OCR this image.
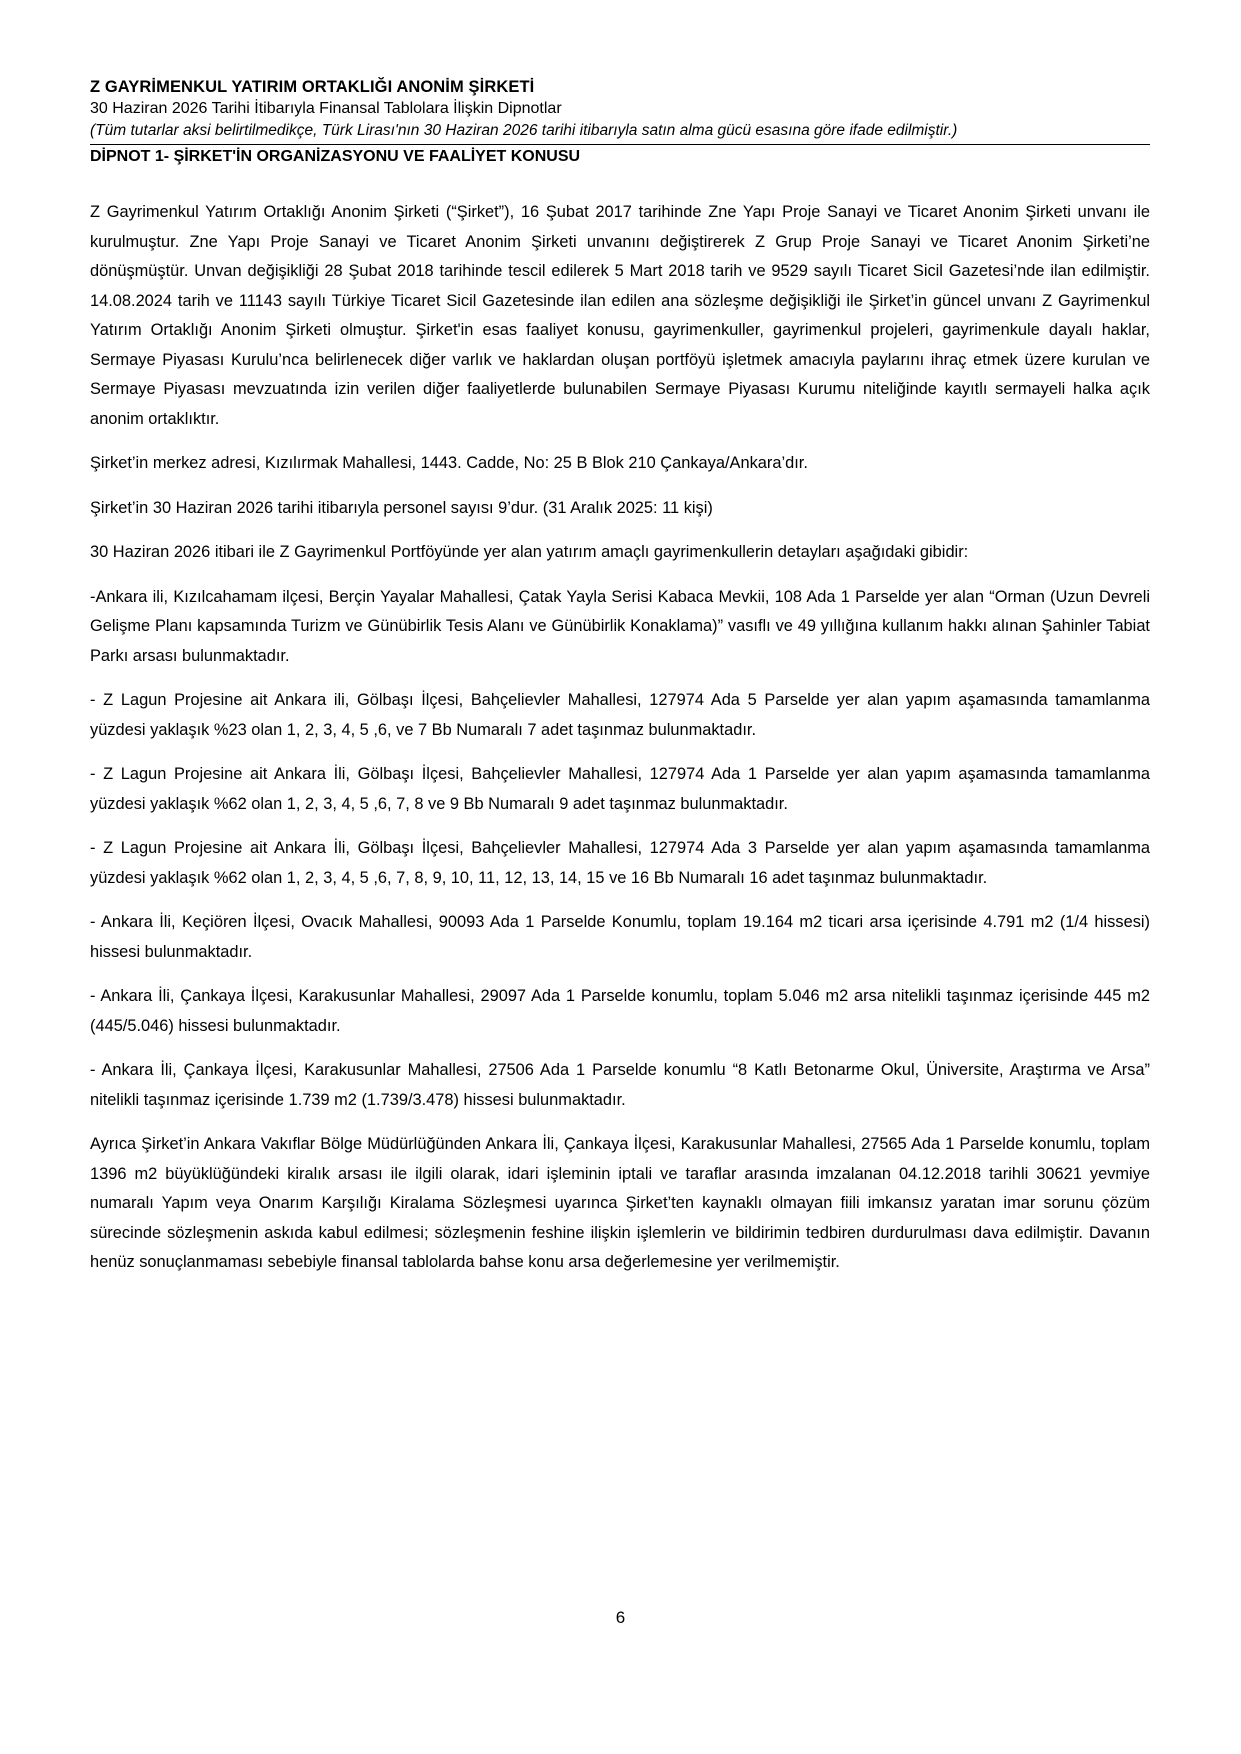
Z GAYRİMENKUL YATIRIM ORTAKLIĞI ANONİM ŞİRKETİ
30 Haziran 2026 Tarihi İtibarıyla Finansal Tablolara İlişkin Dipnotlar
(Tüm tutarlar aksi belirtilmedikçe, Türk Lirası'nın 30 Haziran 2026 tarihi itibarıyla satın alma gücü esasına göre ifade edilmiştir.)
DİPNOT 1- ŞİRKET'İN ORGANİZASYONU VE FAALİYET KONUSU

Z Gayrimenkul Yatırım Ortaklığı Anonim Şirketi (“Şirket”), 16 Şubat 2017 tarihinde Zne Yapı Proje Sanayi ve Ticaret Anonim Şirketi unvanı ile kurulmuştur. Zne Yapı Proje Sanayi ve Ticaret Anonim Şirketi unvanını değiştirerek Z Grup Proje Sanayi ve Ticaret Anonim Şirketi’ne dönüşmüştür. Unvan değişikliği 28 Şubat 2018 tarihinde tescil edilerek 5 Mart 2018 tarih ve 9529 sayılı Ticaret Sicil Gazetesi’nde ilan edilmiştir. 14.08.2024 tarih ve 11143 sayılı Türkiye Ticaret Sicil Gazetesinde ilan edilen ana sözleşme değişikliği ile Şirket’in güncel unvanı Z Gayrimenkul Yatırım Ortaklığı Anonim Şirketi olmuştur. Şirket'in esas faaliyet konusu, gayrimenkuller, gayrimenkul projeleri, gayrimenkule dayalı haklar, Sermaye Piyasası Kurulu’nca belirlenecek diğer varlık ve haklardan oluşan portföyü işletmek amacıyla paylarını ihraç etmek üzere kurulan ve Sermaye Piyasası mevzuatında izin verilen diğer faaliyetlerde bulunabilen Sermaye Piyasası Kurumu niteliğinde kayıtlı sermayeli halka açık anonim ortaklıktır.

Şirket’in merkez adresi, Kızılırmak Mahallesi, 1443. Cadde, No: 25 B Blok 210 Çankaya/Ankara’dır.

Şirket’in 30 Haziran 2026 tarihi itibarıyla personel sayısı 9’dur. (31 Aralık 2025: 11 kişi)

30 Haziran 2026 itibari ile Z Gayrimenkul Portföyünde yer alan yatırım amaçlı gayrimenkullerin detayları aşağıdaki gibidir:

-Ankara ili, Kızılcahamam ilçesi, Berçin Yayalar Mahallesi, Çatak Yayla Serisi Kabaca Mevkii, 108 Ada 1 Parselde yer alan “Orman (Uzun Devreli Gelişme Planı kapsamında Turizm ve Günübirlik Tesis Alanı ve Günübirlik Konaklama)” vasıflı ve 49 yıllığına kullanım hakkı alınan Şahinler Tabiat Parkı arsası bulunmaktadır.

- Z Lagun Projesine ait Ankara ili, Gölbaşı İlçesi, Bahçelievler Mahallesi, 127974 Ada 5 Parselde yer alan yapım aşamasında tamamlanma yüzdesi yaklaşık %23 olan 1, 2, 3, 4, 5 ,6, ve 7 Bb Numaralı 7 adet taşınmaz bulunmaktadır.

- Z Lagun Projesine ait Ankara İli, Gölbaşı İlçesi, Bahçelievler Mahallesi, 127974 Ada 1 Parselde yer alan yapım aşamasında tamamlanma yüzdesi yaklaşık %62 olan 1, 2, 3, 4, 5 ,6, 7, 8 ve 9 Bb Numaralı 9 adet taşınmaz bulunmaktadır.

- Z Lagun Projesine ait Ankara İli, Gölbaşı İlçesi, Bahçelievler Mahallesi, 127974 Ada 3 Parselde yer alan yapım aşamasında tamamlanma yüzdesi yaklaşık %62 olan 1, 2, 3, 4, 5 ,6, 7, 8, 9, 10, 11, 12, 13, 14, 15 ve 16 Bb Numaralı 16 adet taşınmaz bulunmaktadır.

- Ankara İli, Keçiören İlçesi, Ovacık Mahallesi, 90093 Ada 1 Parselde Konumlu, toplam 19.164 m2 ticari arsa içerisinde 4.791 m2 (1/4 hissesi) hissesi bulunmaktadır.

- Ankara İli, Çankaya İlçesi, Karakusunlar Mahallesi, 29097 Ada 1 Parselde konumlu, toplam 5.046 m2 arsa nitelikli taşınmaz içerisinde 445 m2 (445/5.046) hissesi bulunmaktadır.

- Ankara İli, Çankaya İlçesi, Karakusunlar Mahallesi, 27506 Ada 1 Parselde konumlu “8 Katlı Betonarme Okul, Üniversite, Araştırma ve Arsa” nitelikli taşınmaz içerisinde 1.739 m2 (1.739/3.478) hissesi bulunmaktadır.

Ayrıca Şirket’in Ankara Vakıflar Bölge Müdürlüğünden Ankara İli, Çankaya İlçesi, Karakusunlar Mahallesi, 27565 Ada 1 Parselde konumlu, toplam 1396 m2 büyüklüğündeki kiralık arsası ile ilgili olarak, idari işleminin iptali ve taraflar arasında imzalanan 04.12.2018 tarihli 30621 yevmiye numaralı Yapım veya Onarım Karşılığı Kiralama Sözleşmesi uyarınca Şirket’ten kaynaklı olmayan fiili imkansız yaratan imar sorunu çözüm sürecinde sözleşmenin askıda kabul edilmesi; sözleşmenin feshine ilişkin işlemlerin ve bildirimin tedbiren durdurulması dava edilmiştir. Davanın henüz sonuçlanmaması sebebiyle finansal tablolarda bahse konu arsa değerlemesine yer verilmemiştir.

6
